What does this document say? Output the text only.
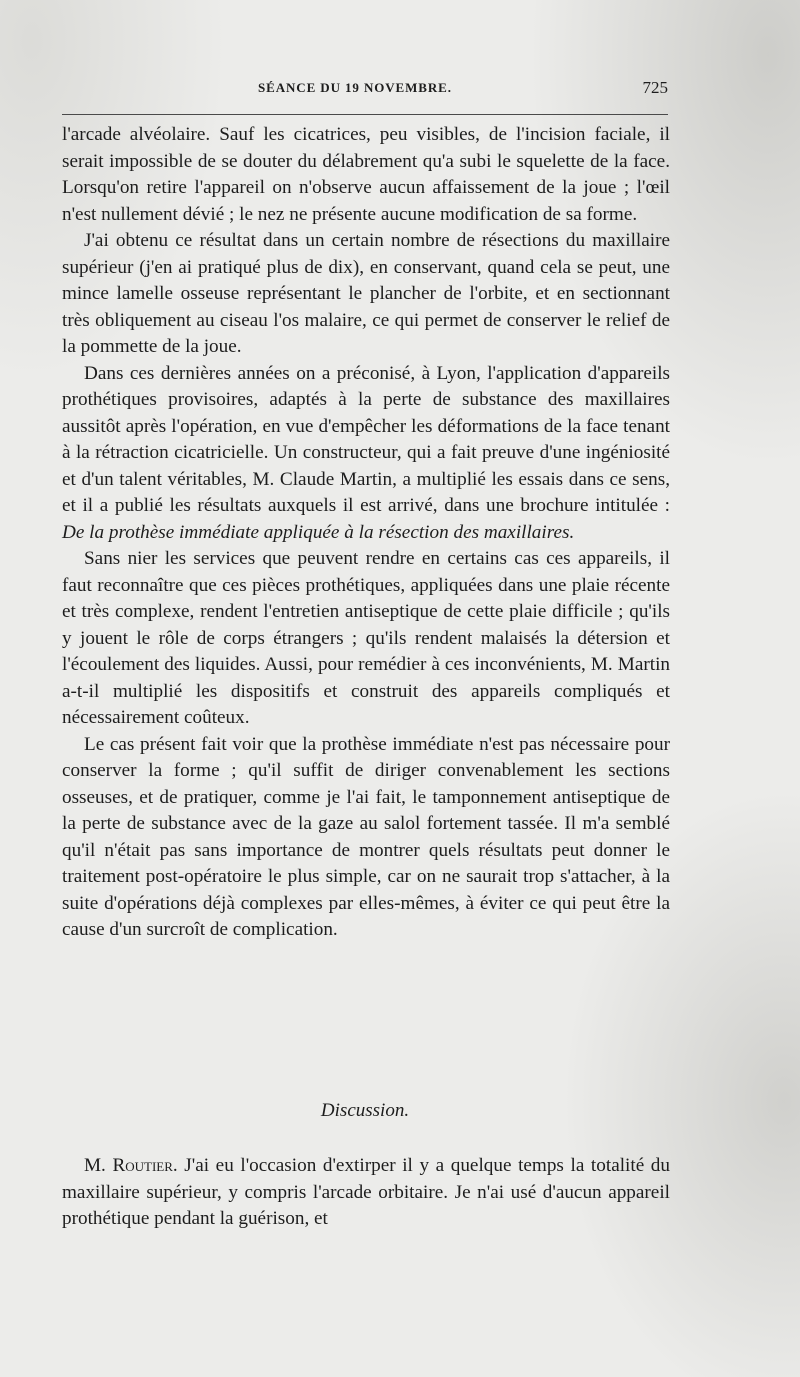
SÉANCE DU 19 NOVEMBRE.	725

l'arcade alvéolaire. Sauf les cicatrices, peu visibles, de l'incision faciale, il serait impossible de se douter du délabrement qu'a subi le squelette de la face. Lorsqu'on retire l'appareil on n'observe aucun affaissement de la joue ; l'œil n'est nullement dévié ; le nez ne présente aucune modification de sa forme.

J'ai obtenu ce résultat dans un certain nombre de résections du maxillaire supérieur (j'en ai pratiqué plus de dix), en conservant, quand cela se peut, une mince lamelle osseuse représentant le plancher de l'orbite, et en sectionnant très obliquement au ciseau l'os malaire, ce qui permet de conserver le relief de la pommette de la joue.

Dans ces dernières années on a préconisé, à Lyon, l'application d'appareils prothétiques provisoires, adaptés à la perte de substance des maxillaires aussitôt après l'opération, en vue d'empêcher les déformations de la face tenant à la rétraction cicatricielle. Un constructeur, qui a fait preuve d'une ingéniosité et d'un talent véritables, M. Claude Martin, a multiplié les essais dans ce sens, et il a publié les résultats auxquels il est arrivé, dans une brochure intitulée : De la prothèse immédiate appliquée à la résection des maxillaires.

Sans nier les services que peuvent rendre en certains cas ces appareils, il faut reconnaître que ces pièces prothétiques, appliquées dans une plaie récente et très complexe, rendent l'entretien antiseptique de cette plaie difficile ; qu'ils y jouent le rôle de corps étrangers ; qu'ils rendent malaisés la détersion et l'écoulement des liquides. Aussi, pour remédier à ces inconvénients, M. Martin a-t-il multiplié les dispositifs et construit des appareils compliqués et nécessairement coûteux.

Le cas présent fait voir que la prothèse immédiate n'est pas nécessaire pour conserver la forme ; qu'il suffit de diriger convenablement les sections osseuses, et de pratiquer, comme je l'ai fait, le tamponnement antiseptique de la perte de substance avec de la gaze au salol fortement tassée. Il m'a semblé qu'il n'était pas sans importance de montrer quels résultats peut donner le traitement post-opératoire le plus simple, car on ne saurait trop s'attacher, à la suite d'opérations déjà complexes par elles-mêmes, à éviter ce qui peut être la cause d'un surcroît de complication.

Discussion.

M. Routier. J'ai eu l'occasion d'extirper il y a quelque temps la totalité du maxillaire supérieur, y compris l'arcade orbitaire. Je n'ai usé d'aucun appareil prothétique pendant la guérison, et
